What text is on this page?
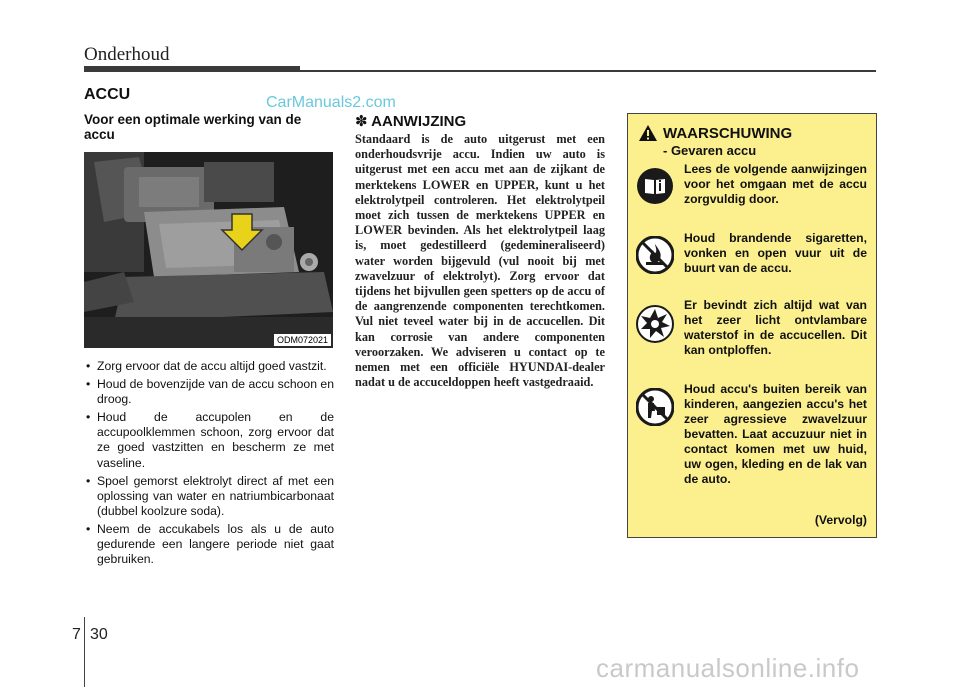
Onderhoud
ACCU	CarManuals2.com
Voor een optimale werking van de accu
ODM072021
• Zorg ervoor dat de accu altijd goed vastzit.
• Houd de bovenzijde van de accu schoon en droog.
• Houd de accupolen en de accupoolklemmen schoon, zorg ervoor dat ze goed vastzitten en bescherm ze met vaseline.
• Spoel gemorst elektrolyt direct af met een oplossing van water en natriumbicarbonaat (dubbel koolzure soda).
• Neem de accukabels los als u de auto gedurende een langere periode niet gaat gebruiken.
✽ AANWIJZING
Standaard is de auto uitgerust met een onderhoudsvrije accu. Indien uw auto is uitgerust met een accu met aan de zijkant de merktekens LOWER en UPPER, kunt u het elektrolytpeil controleren. Het elektrolytpeil moet zich tussen de merktekens UPPER en LOWER bevinden. Als het elektrolytpeil laag is, moet gedestilleerd (gedemineraliseerd) water worden bijgevuld (vul nooit bij met zwavelzuur of elektrolyt). Zorg ervoor dat tijdens het bijvullen geen spetters op de accu of de aangrenzende componenten terechtkomen. Vul niet teveel water bij in de accucellen. Dit kan corrosie van andere componenten veroorzaken. We adviseren u contact op te nemen met een officiële HYUNDAI-dealer nadat u de accuceldoppen heeft vastgedraaid.
WAARSCHUWING
- Gevaren accu
Lees de volgende aanwijzingen voor het omgaan met de accu zorgvuldig door.
Houd brandende sigaretten, vonken en open vuur uit de buurt van de accu.
Er bevindt zich altijd wat van het zeer licht ontvlambare waterstof in de accucellen. Dit kan ontploffen.
Houd accu's buiten bereik van kinderen, aangezien accu's het zeer agressieve zwavelzuur bevatten. Laat accuzuur niet in contact komen met uw huid, uw ogen, kleding en de lak van de auto.
(Vervolg)
7 30
carmanualsonline.info
